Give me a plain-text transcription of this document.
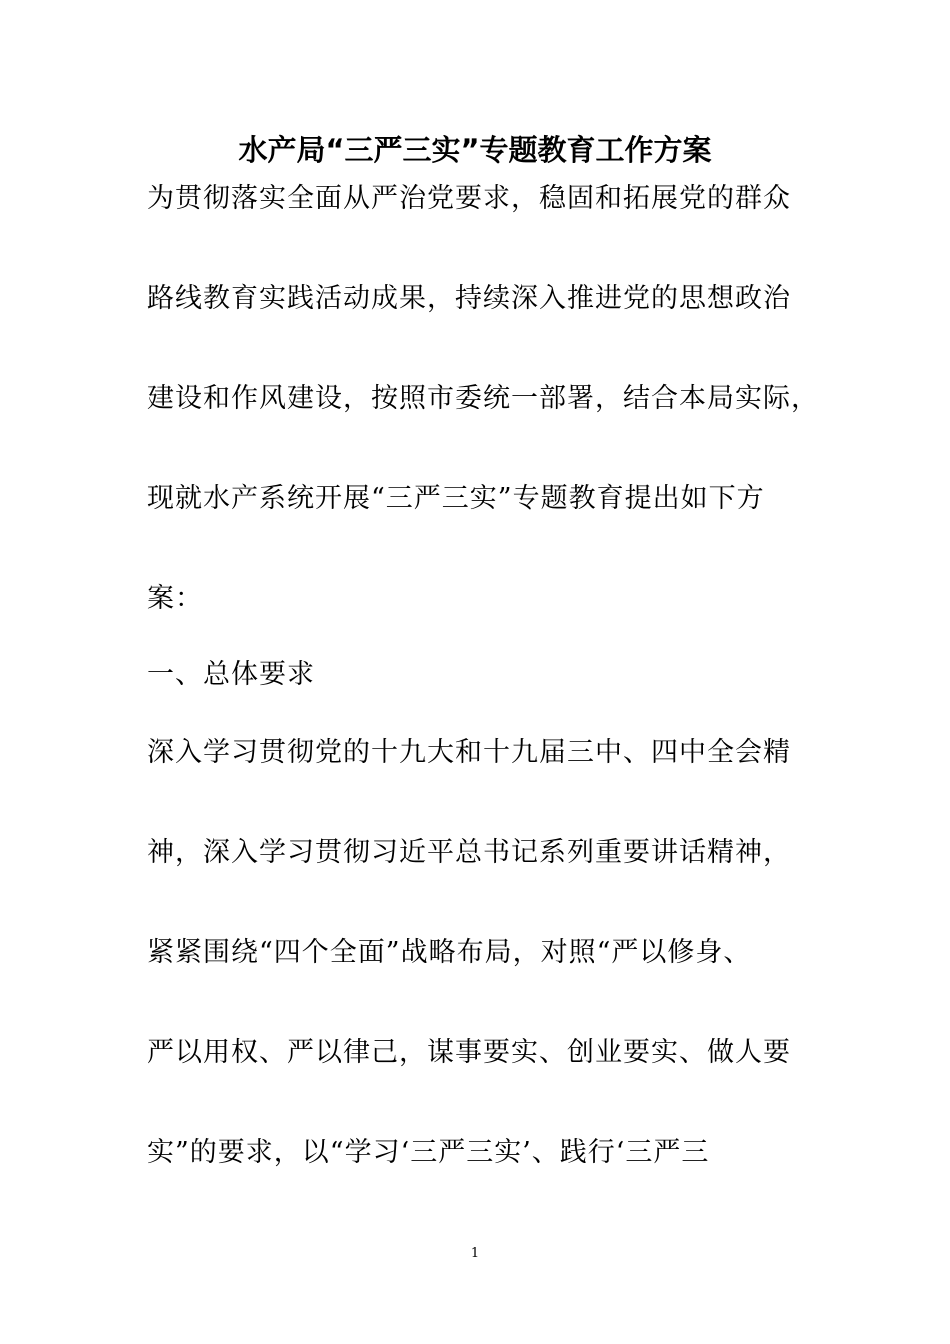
水产局“三严三实”专题教育工作方案

为贯彻落实全面从严治党要求，稳固和拓展党的群众

路线教育实践活动成果，持续深入推进党的思想政治

建设和作风建设，按照市委统一部署，结合本局实际，

现就水产系统开展“三严三实”专题教育提出如下方

案：

一、总体要求

深入学习贯彻党的十九大和十九届三中、四中全会精

神，深入学习贯彻习近平总书记系列重要讲话精神，

紧紧围绕“四个全面”战略布局，对照“严以修身、

严以用权、严以律己，谋事要实、创业要实、做人要

实”的要求，以“学习‘三严三实’、践行‘三严三

1
